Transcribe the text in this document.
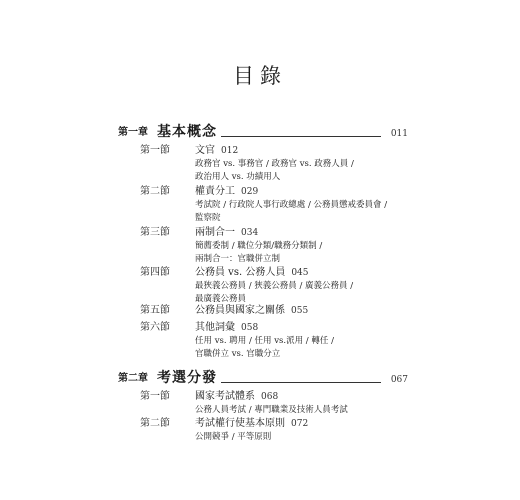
目錄
第一章 基本概念	011
第一節	文官 012
政務官 vs. 事務官 / 政務官 vs. 政務人員 /
政治用人 vs. 功績用人
第二節	權責分工 029
考試院 / 行政院人事行政總處 / 公務員懲戒委員會 /
監察院
第三節	兩制合一 034
簡薦委制 / 職位分類/職務分類制 /
兩制合一：官職併立制
第四節	公務員 vs. 公務人員 045
最狹義公務員 / 狹義公務員 / 廣義公務員 /
最廣義公務員
第五節	公務員與國家之關係 055
第六節	其他詞彙 058
任用 vs. 聘用 / 任用 vs.派用 / 轉任 /
官職併立 vs. 官職分立
第二章 考選分發	067
第一節	國家考試體系 068
公務人員考試 / 專門職業及技術人員考試
第二節	考試權行使基本原則 072
公開競爭 / 平等原則
